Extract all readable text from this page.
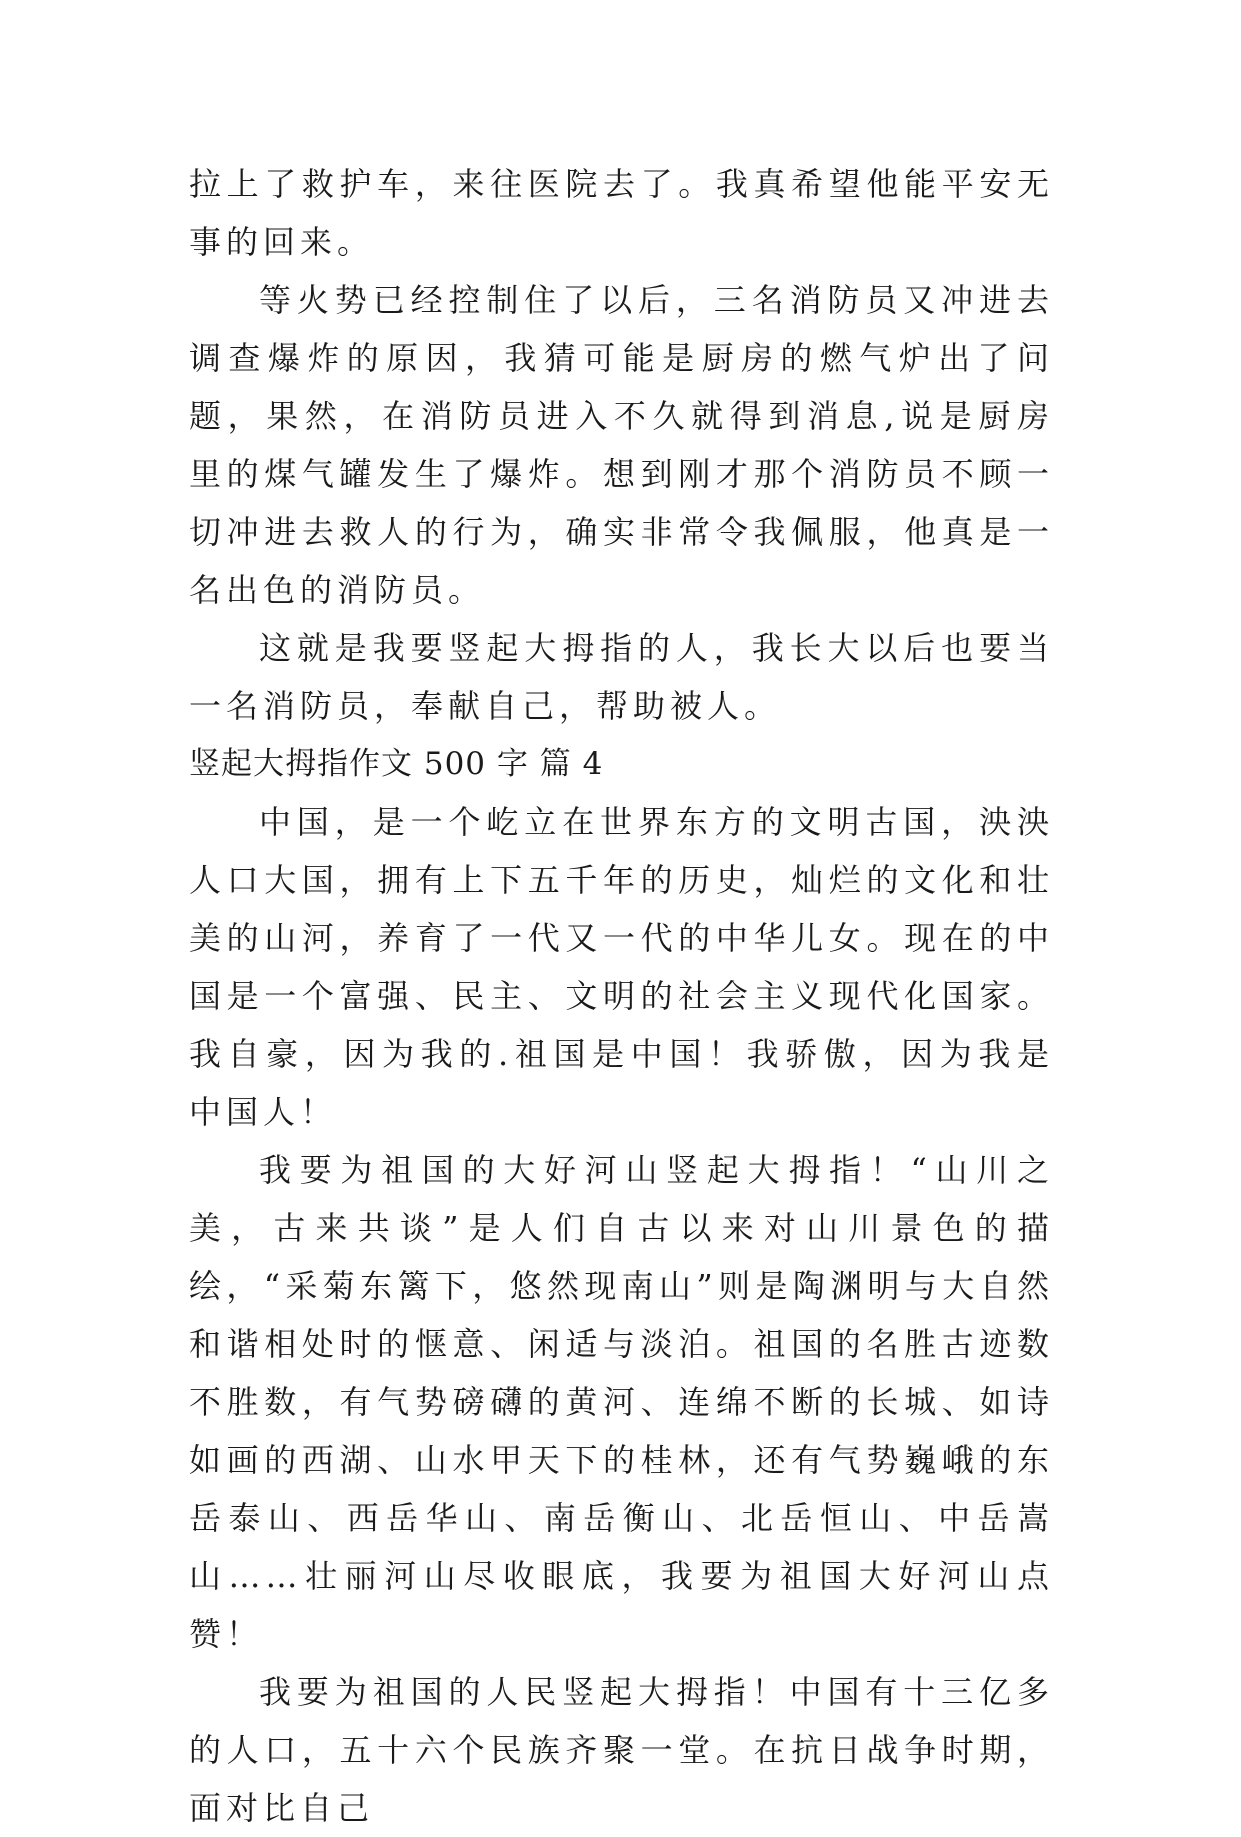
拉上了救护车，来往医院去了。我真希望他能平安无事的回来。

等火势已经控制住了以后，三名消防员又冲进去调查爆炸的原因，我猜可能是厨房的燃气炉出了问题，果然，在消防员进入不久就得到消息,说是厨房里的煤气罐发生了爆炸。想到刚才那个消防员不顾一切冲进去救人的行为，确实非常令我佩服，他真是一名出色的消防员。

这就是我要竖起大拇指的人，我长大以后也要当一名消防员，奉献自己，帮助被人。

竖起大拇指作文 500 字 篇 4

中国，是一个屹立在世界东方的文明古国，泱泱人口大国，拥有上下五千年的历史，灿烂的文化和壮美的山河，养育了一代又一代的中华儿女。现在的中国是一个富强、民主、文明的社会主义现代化国家。我自豪，因为我的.祖国是中国！我骄傲，因为我是中国人！

我要为祖国的大好河山竖起大拇指！“山川之美，古来共谈”是人们自古以来对山川景色的描绘，“采菊东篱下，悠然现南山”则是陶渊明与大自然和谐相处时的惬意、闲适与淡泊。祖国的名胜古迹数不胜数，有气势磅礴的黄河、连绵不断的长城、如诗如画的西湖、山水甲天下的桂林，还有气势巍峨的东岳泰山、西岳华山、南岳衡山、北岳恒山、中岳嵩山……壮丽河山尽收眼底，我要为祖国大好河山点赞！

我要为祖国的人民竖起大拇指！中国有十三亿多的人口，五十六个民族齐聚一堂。在抗日战争时期，面对比自己
